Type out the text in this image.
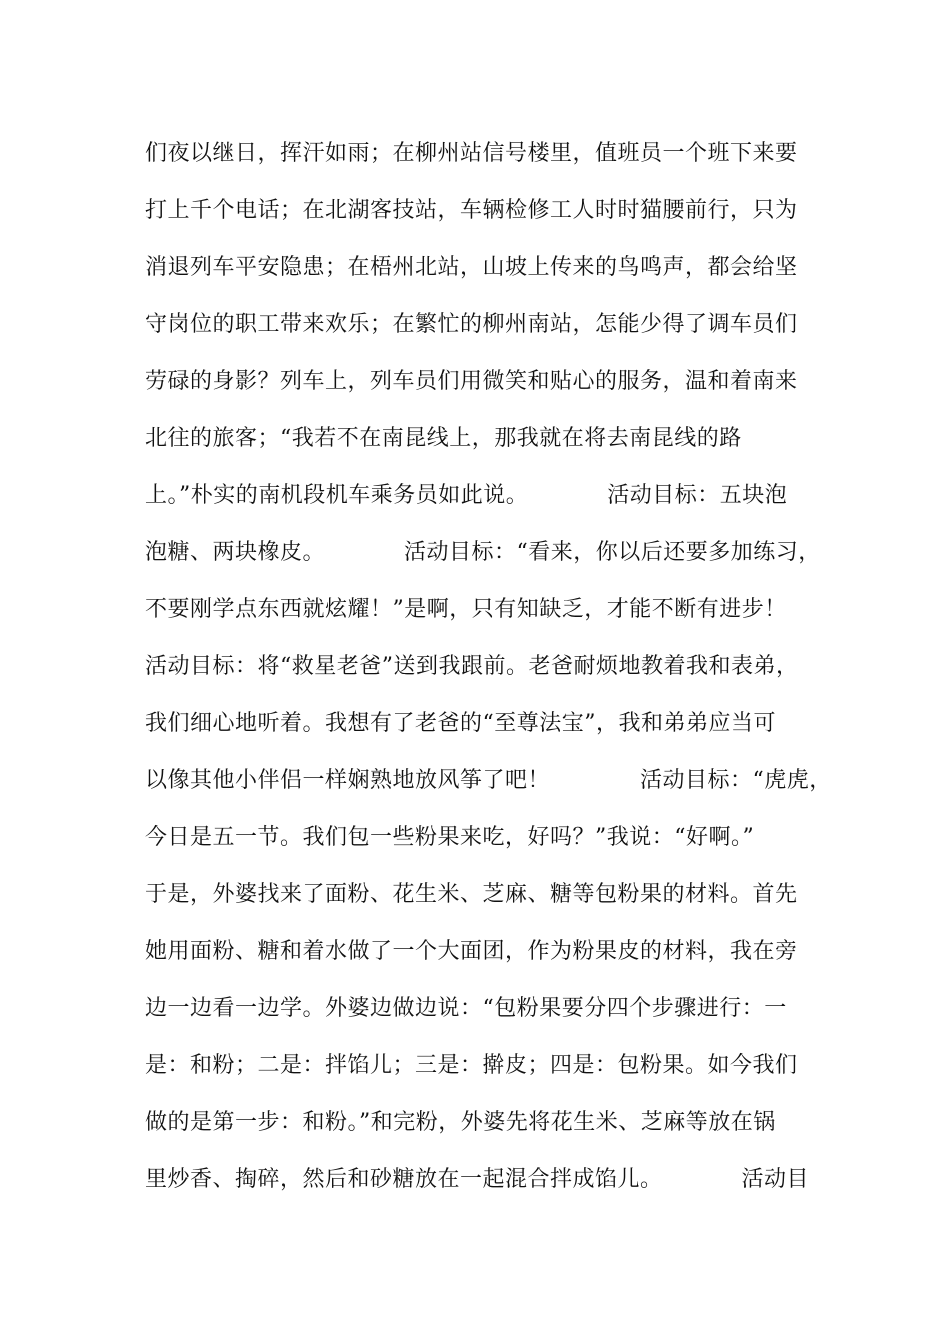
们夜以继日，挥汗如雨；在柳州站信号楼里，值班员一个班下来要
打上千个电话；在北湖客技站，车辆检修工人时时猫腰前行，只为
消退列车平安隐患；在梧州北站，山坡上传来的鸟鸣声，都会给坚
守岗位的职工带来欢乐；在繁忙的柳州南站，怎能少得了调车员们
劳碌的身影？列车上，列车员们用微笑和贴心的服务，温和着南来
北往的旅客；“我若不在南昆线上，那我就在将去南昆线的路
上。”朴实的南机段机车乘务员如此说。　　　　活动目标：五块泡
泡糖、两块橡皮。　　　　活动目标：“看来，你以后还要多加练习，
不要刚学点东西就炫耀！”是啊，只有知缺乏，才能不断有进步！
活动目标：将“救星老爸”送到我跟前。老爸耐烦地教着我和表弟，
我们细心地听着。我想有了老爸的“至尊法宝”，我和弟弟应当可
以像其他小伴侣一样娴熟地放风筝了吧！　　　　活动目标：“虎虎，
今日是五一节。我们包一些粉果来吃，好吗？”我说：“好啊。”
于是，外婆找来了面粉、花生米、芝麻、糖等包粉果的材料。首先
她用面粉、糖和着水做了一个大面团，作为粉果皮的材料，我在旁
边一边看一边学。外婆边做边说：“包粉果要分四个步骤进行：一
是：和粉；二是：拌馅儿；三是：擀皮；四是：包粉果。如今我们
做的是第一步：和粉。”和完粉，外婆先将花生米、芝麻等放在锅
里炒香、掏碎，然后和砂糖放在一起混合拌成馅儿。　　　　活动目
